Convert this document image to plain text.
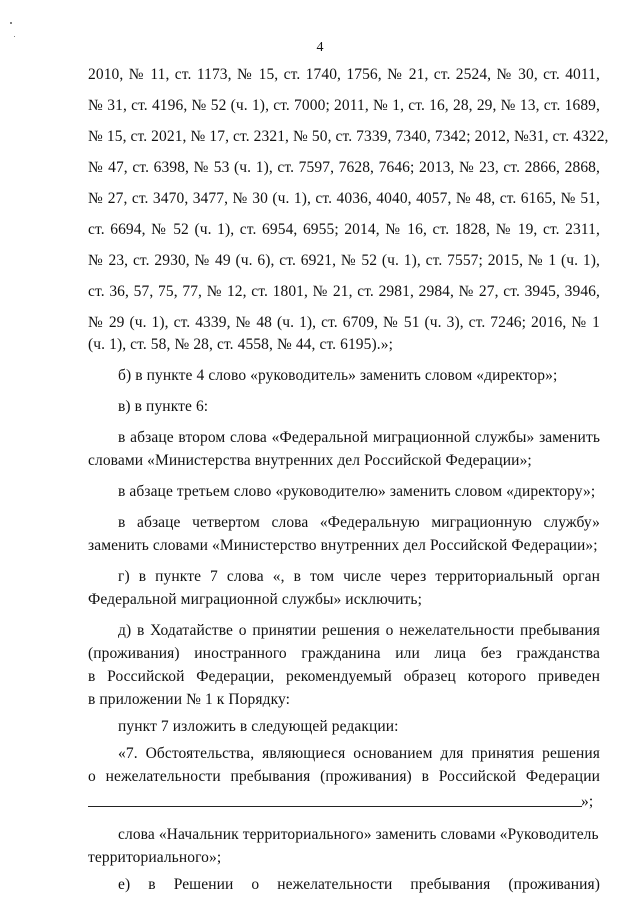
4
2010, № 11, ст. 1173, № 15, ст. 1740, 1756, № 21, ст. 2524, № 30, ст. 4011,
№ 31, ст. 4196, № 52 (ч. 1), ст. 7000; 2011, № 1, ст. 16, 28, 29, № 13, ст. 1689,
№ 15, ст. 2021, № 17, ст. 2321, № 50, ст. 7339, 7340, 7342; 2012, №31, ст. 4322,
№ 47, ст. 6398, № 53 (ч. 1), ст. 7597, 7628, 7646; 2013, № 23, ст. 2866, 2868,
№ 27, ст. 3470, 3477, № 30 (ч. 1), ст. 4036, 4040, 4057, № 48, ст. 6165, № 51,
ст. 6694, № 52 (ч. 1), ст. 6954, 6955; 2014, № 16, ст. 1828, № 19, ст. 2311,
№ 23, ст. 2930, № 49 (ч. 6), ст. 6921, № 52 (ч. 1), ст. 7557; 2015, № 1 (ч. 1),
ст. 36, 57, 75, 77, № 12, ст. 1801, № 21, ст. 2981, 2984, № 27, ст. 3945, 3946,
№ 29 (ч. 1), ст. 4339, № 48 (ч. 1), ст. 6709, № 51 (ч. 3), ст. 7246; 2016, № 1
(ч. 1), ст. 58, № 28, ст. 4558, № 44, ст. 6195).»;
б) в пункте 4 слово «руководитель» заменить словом «директор»;
в) в пункте 6:
в абзаце втором слова «Федеральной миграционной службы» заменить
словами «Министерства внутренних дел Российской Федерации»;
в абзаце третьем слово «руководителю» заменить словом «директору»;
в абзаце четвертом слова «Федеральную миграционную службу»
заменить словами «Министерство внутренних дел Российской Федерации»;
г) в пункте 7 слова «, в том числе через территориальный орган
Федеральной миграционной службы» исключить;
д) в Ходатайстве о принятии решения о нежелательности пребывания
(проживания) иностранного гражданина или лица без гражданства
в Российской Федерации, рекомендуемый образец которого приведен
в приложении № 1 к Порядку:
пункт 7 изложить в следующей редакции:
«7. Обстоятельства, являющиеся основанием для принятия решения
о нежелательности пребывания (проживания) в Российской Федерации
»;
слова «Начальник территориального» заменить словами «Руководитель
территориального»;
е) в Решении о нежелательности пребывания (проживания)
